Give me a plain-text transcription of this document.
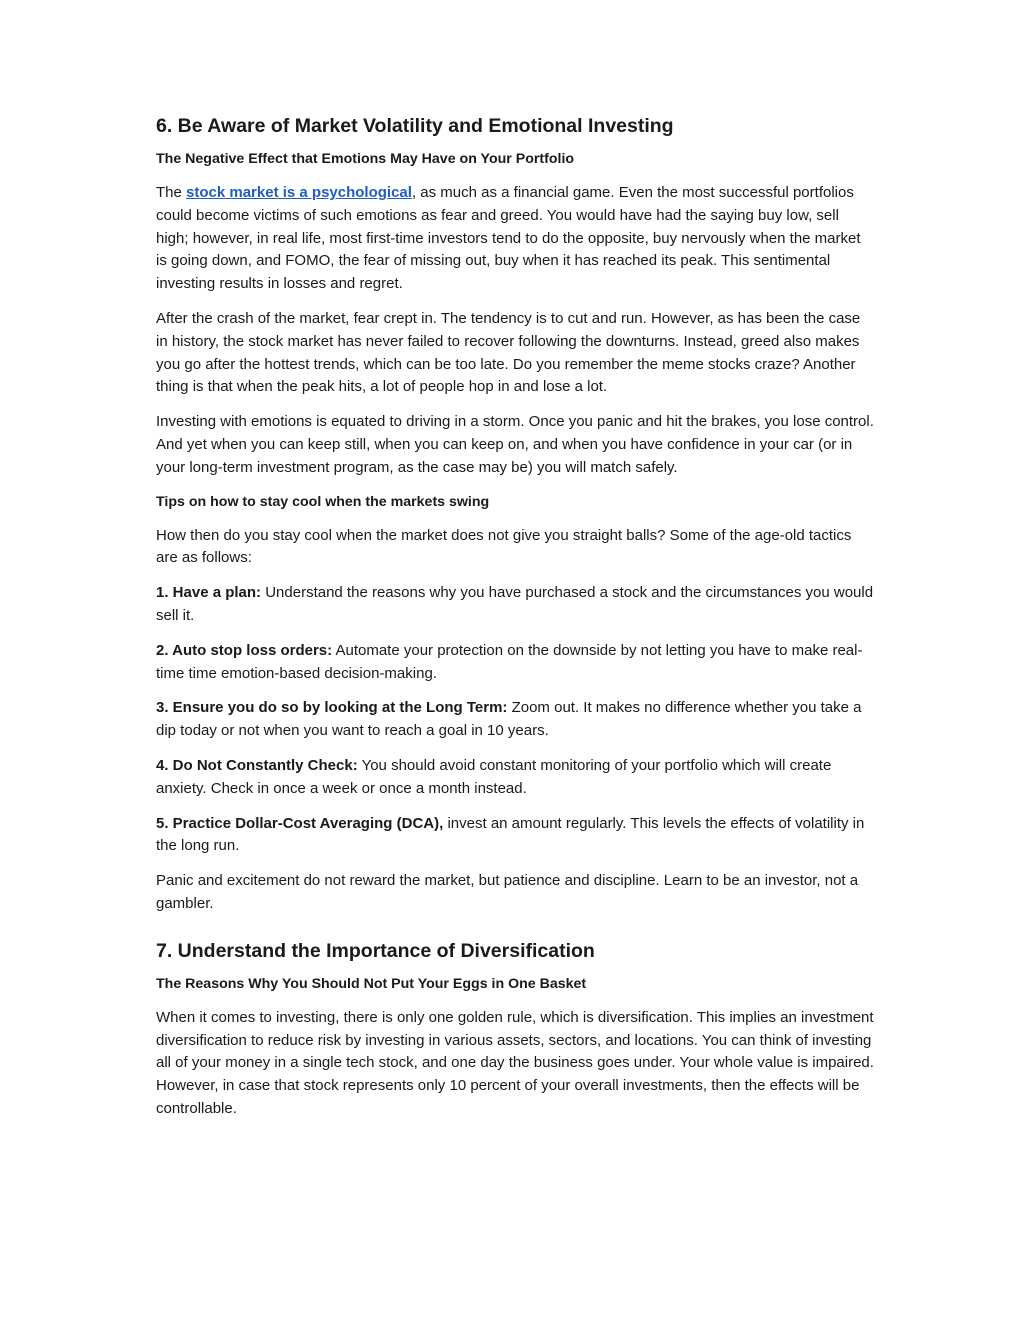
6. Be Aware of Market Volatility and Emotional Investing
The Negative Effect that Emotions May Have on Your Portfolio

The stock market is a psychological, as much as a financial game. Even the most successful portfolios could become victims of such emotions as fear and greed. You would have had the saying buy low, sell high; however, in real life, most first-time investors tend to do the opposite, buy nervously when the market is going down, and FOMO, the fear of missing out, buy when it has reached its peak. This sentimental investing results in losses and regret.

After the crash of the market, fear crept in. The tendency is to cut and run. However, as has been the case in history, the stock market has never failed to recover following the downturns. Instead, greed also makes you go after the hottest trends, which can be too late. Do you remember the meme stocks craze? Another thing is that when the peak hits, a lot of people hop in and lose a lot.

Investing with emotions is equated to driving in a storm. Once you panic and hit the brakes, you lose control. And yet when you can keep still, when you can keep on, and when you have confidence in your car (or in your long-term investment program, as the case may be) you will match safely.

Tips on how to stay cool when the markets swing

How then do you stay cool when the market does not give you straight balls? Some of the age-old tactics are as follows:

1. Have a plan: Understand the reasons why you have purchased a stock and the circumstances you would sell it.

2. Auto stop loss orders: Automate your protection on the downside by not letting you have to make real-time time emotion-based decision-making.

3. Ensure you do so by looking at the Long Term: Zoom out. It makes no difference whether you take a dip today or not when you want to reach a goal in 10 years.

4. Do Not Constantly Check: You should avoid constant monitoring of your portfolio which will create anxiety. Check in once a week or once a month instead.

5. Practice Dollar-Cost Averaging (DCA), invest an amount regularly. This levels the effects of volatility in the long run.

Panic and excitement do not reward the market, but patience and discipline. Learn to be an investor, not a gambler.

7. Understand the Importance of Diversification
The Reasons Why You Should Not Put Your Eggs in One Basket

When it comes to investing, there is only one golden rule, which is diversification. This implies an investment diversification to reduce risk by investing in various assets, sectors, and locations. You can think of investing all of your money in a single tech stock, and one day the business goes under. Your whole value is impaired. However, in case that stock represents only 10 percent of your overall investments, then the effects will be controllable.
